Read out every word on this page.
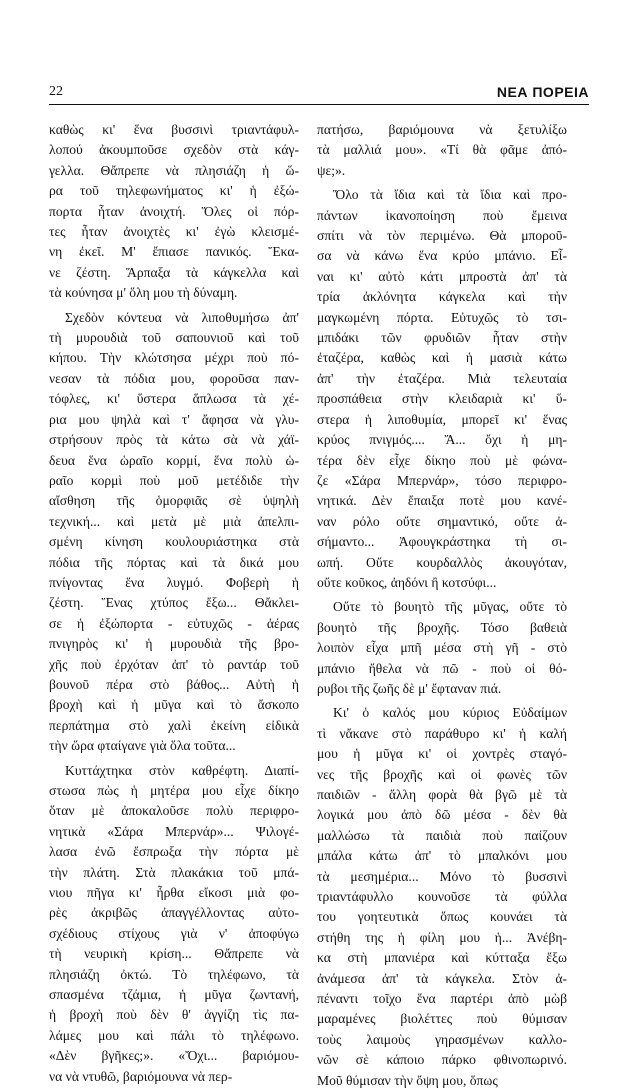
22	ΝΕΑ ΠΟΡΕΙΑ
καθὼς κι' ἕνα βυσσινὶ τριαντάφυλ-
λοπού ἀκουμποῦσε σχεδὸν στὰ κάγ-
γελλα. Θἄπρεπε νὰ πλησιάζη ἡ ὥ-
ρα τοῦ τηλεφωνήματος κι' ἡ ἐξώ-
πορτα ἦταν ἀνοιχτή. Ὅλες οἱ πόρ-
τες ἦταν ἀνοιχτὲς κι' ἐγὼ κλεισμέ-
νη ἐκεῖ. Μ' ἔπιασε πανικός. Ἔκα-
νε ζέστη. Ἅρπαξα τὰ κάγκελλα καὶ
τὰ κούνησα μ' ὅλη μου τὴ δύναμη.
Σχεδὸν κόντευα νὰ λιποθυμήσω ἀπ'
τὴ μυρουδιὰ τοῦ σαπουνιοῦ καὶ τοῦ
κήπου. Τὴν κλώτσησα μέχρι ποὺ πό-
νεσαν τὰ πόδια μου, φοροῦσα παν-
τόφλες, κι' ὕστερα ἅπλωσα τὰ χέ-
ρια μου ψηλὰ καὶ τ' ἄφησα νὰ γλυ-
στρήσουν πρὸς τὰ κάτω σὰ νὰ χάϊ-
δευα ἕνα ὡραῖο κορμί, ἕνα πολὺ ὡ-
ραῖο κορμὶ ποὺ μοῦ μετέδιδε τὴν
αἴσθηση τῆς ὁμορφιᾶς σὲ ὑψηλὴ
τεχνική... καὶ μετὰ μὲ μιὰ ἀπελπι-
σμένη κίνηση κουλουριάστηκα στὰ
πόδια τῆς πόρτας καὶ τὰ δικά μου
πνίγοντας ἕνα λυγμό. Φοβερὴ ἡ
ζέστη. Ἕνας χτύπος ἔξω... Θἄκλει-
σε ἡ ἐξώπορτα - εὐτυχῶς - ἀέρας
πνιγηρὸς κι' ἡ μυρουδιὰ τῆς βρο-
χῆς ποὺ ἐρχόταν ἀπ' τὸ ραντάρ τοῦ
βουνοῦ πέρα στὸ βάθος... Αὐτὴ ἡ
βροχὴ καὶ ἡ μῦγα καὶ τὸ ἄσκοπο
περπάτημα στὸ χαλὶ ἐκείνη εἰδικὰ
τὴν ὥρα φταίγανε γιὰ ὅλα τοῦτα...
Κυττάχτηκα στὸν καθρέφτη. Διαπί-
στωσα πὼς ἡ μητέρα μου εἶχε δίκηο
ὅταν μὲ ἀποκαλοῦσε πολὺ περιφρο-
νητικὰ «Σάρα Μπερνάρ»... Ψιλογέ-
λασα ἐνῶ ἔσπρωξα τὴν πόρτα μὲ
τὴν πλάτη. Στὰ πλακάκια τοῦ μπά-
νιου πῆγα κι' ἦρθα εἴκοσι μιὰ φο-
ρὲς ἀκριβῶς ἀπαγγέλλοντας αὐτο-
σχέδιους στίχους γιὰ ν' ἀποφύγω
τὴ νευρικὴ κρίση... Θἄπρεπε νὰ
πλησιάζη ὀκτώ. Τὸ τηλέφωνο, τὰ
σπασμένα τζάμια, ἡ μῦγα ζωντανή,
ἡ βροχὴ ποὺ δὲν θ' ἀγγίζη τὶς πα-
λάμες μου καὶ πάλι τὸ τηλέφωνο.
«Δὲν βγῆκες;». «Ὄχι... βαριόμου-
να νὰ ντυθῶ, βαριόμουνα νὰ περ-
πατήσω, βαριόμουνα νὰ ξετυλίξω
τὰ μαλλιά μου». «Τί θὰ φᾶμε ἀπό-
ψε;».
Ὅλο τὰ ἴδια καὶ τὰ ἴδια καὶ προ-
πάντων ἱκανοποίηση ποὺ ἔμεινα
σπίτι νὰ τὸν περιμένω. Θὰ μποροῦ-
σα νὰ κάνω ἕνα κρύο μπάνιο. Εἶ-
ναι κι' αὐτὸ κάτι μπροστὰ ἀπ' τὰ
τρία ἀκλόνητα κάγκελα καὶ τὴν
μαγκωμένη πόρτα. Εὐτυχῶς τὸ τσι-
μπιδάκι τῶν φρυδιῶν ἦταν στὴν
ἐταζέρα, καθὼς καὶ ἡ μασιὰ κάτω
ἀπ' τὴν ἐταζέρα. Μιὰ τελευταία
προσπάθεια στὴν κλειδαριὰ κι' ὕ-
στερα ἡ λιποθυμία, μπορεῖ κι' ἕνας
κρύος πνιγμός.... Ἄ... ὄχι ἡ μη-
τέρα δὲν εἶχε δίκηο ποὺ μὲ φώνα-
ζε «Σάρα Μπερνάρ», τόσο περιφρο-
νητικά. Δὲν ἔπαιξα ποτὲ μου κανέ-
ναν ρόλο οὔτε σημαντικό, οὔτε ἀ-
σήμαντο... Ἀφουγκράστηκα τὴ σι-
ωπή. Οὔτε κουρδαλλὸς ἀκουγόταν,
οὔτε κοῦκος, ἀηδόνι ἢ κοτσύφι...
Οὔτε τὸ βουητὸ τῆς μῦγας, οὔτε τὸ
βουητὸ τῆς βροχῆς. Τόσο βαθειὰ
λοιπὸν εἶχα μπῆ μέσα στὴ γῆ - στὸ
μπάνιο ἤθελα νὰ πῶ - ποὺ οἱ θό-
ρυβοι τῆς ζωῆς δὲ μ' ἔφταναν πιά.
Κι' ὁ καλός μου κύριος Εὐδαίμων
τὶ νἄκανε στὸ παράθυρο κι' ἡ καλή
μου ἡ μῦγα κι' οἱ χοντρὲς σταγό-
νες τῆς βροχῆς καὶ οἱ φωνὲς τῶν
παιδιῶν - ἄλλη φορὰ θὰ βγῶ μὲ τὰ
λογικά μου ἀπὸ δῶ μέσα - δὲν θὰ
μαλλώσω τὰ παιδιὰ ποὺ παίζουν
μπάλα κάτω ἀπ' τὸ μπαλκόνι μου
τὰ μεσημέρια... Μόνο τὸ βυσσινὶ
τριαντάφυλλο κουνοῦσε τὰ φύλλα
του γοητευτικὰ ὅπως κουνάει τὰ
στήθη της ἡ φίλη μου ἡ... Ἀνέβη-
κα στὴ μπανιέρα καὶ κύτταξα ἔξω
ἀνάμεσα ἀπ' τὰ κάγκελα. Στὸν ἀ-
πέναντι τοῖχο ἕνα παρτέρι ἀπὸ μὼβ
μαραμένες βιολέττες ποὺ θύμισαν
τοὺς λαιμοὺς γηρασμένων καλλο-
νῶν σὲ κάποιο πάρκο φθινοπωρινό.
Μοῦ θύμισαν τὴν ὄψη μου, ὅπως
